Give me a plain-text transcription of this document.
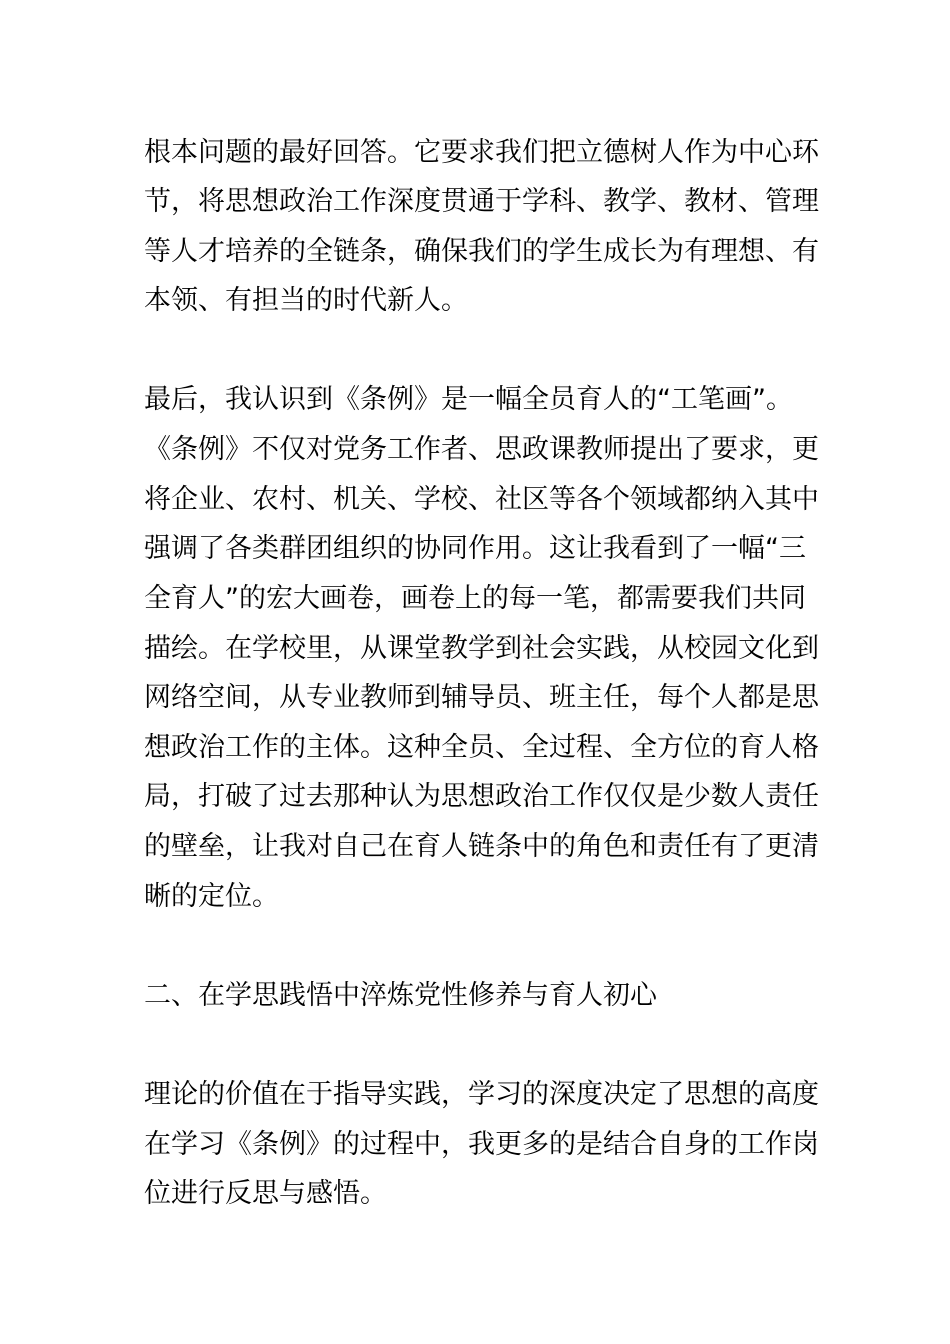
根本问题的最好回答。它要求我们把立德树人作为中心环
节，将思想政治工作深度贯通于学科、教学、教材、管理
等人才培养的全链条，确保我们的学生成长为有理想、有
本领、有担当的时代新人。
最后，我认识到《条例》是一幅全员育人的“工笔画”。
《条例》不仅对党务工作者、思政课教师提出了要求，更
将企业、农村、机关、学校、社区等各个领域都纳入其中
强调了各类群团组织的协同作用。这让我看到了一幅“三
全育人”的宏大画卷，画卷上的每一笔，都需要我们共同
描绘。在学校里，从课堂教学到社会实践，从校园文化到
网络空间，从专业教师到辅导员、班主任，每个人都是思
想政治工作的主体。这种全员、全过程、全方位的育人格
局，打破了过去那种认为思想政治工作仅仅是少数人责任
的壁垒，让我对自己在育人链条中的角色和责任有了更清
晰的定位。
二、在学思践悟中淬炼党性修养与育人初心
理论的价值在于指导实践，学习的深度决定了思想的高度
在学习《条例》的过程中，我更多的是结合自身的工作岗
位进行反思与感悟。
